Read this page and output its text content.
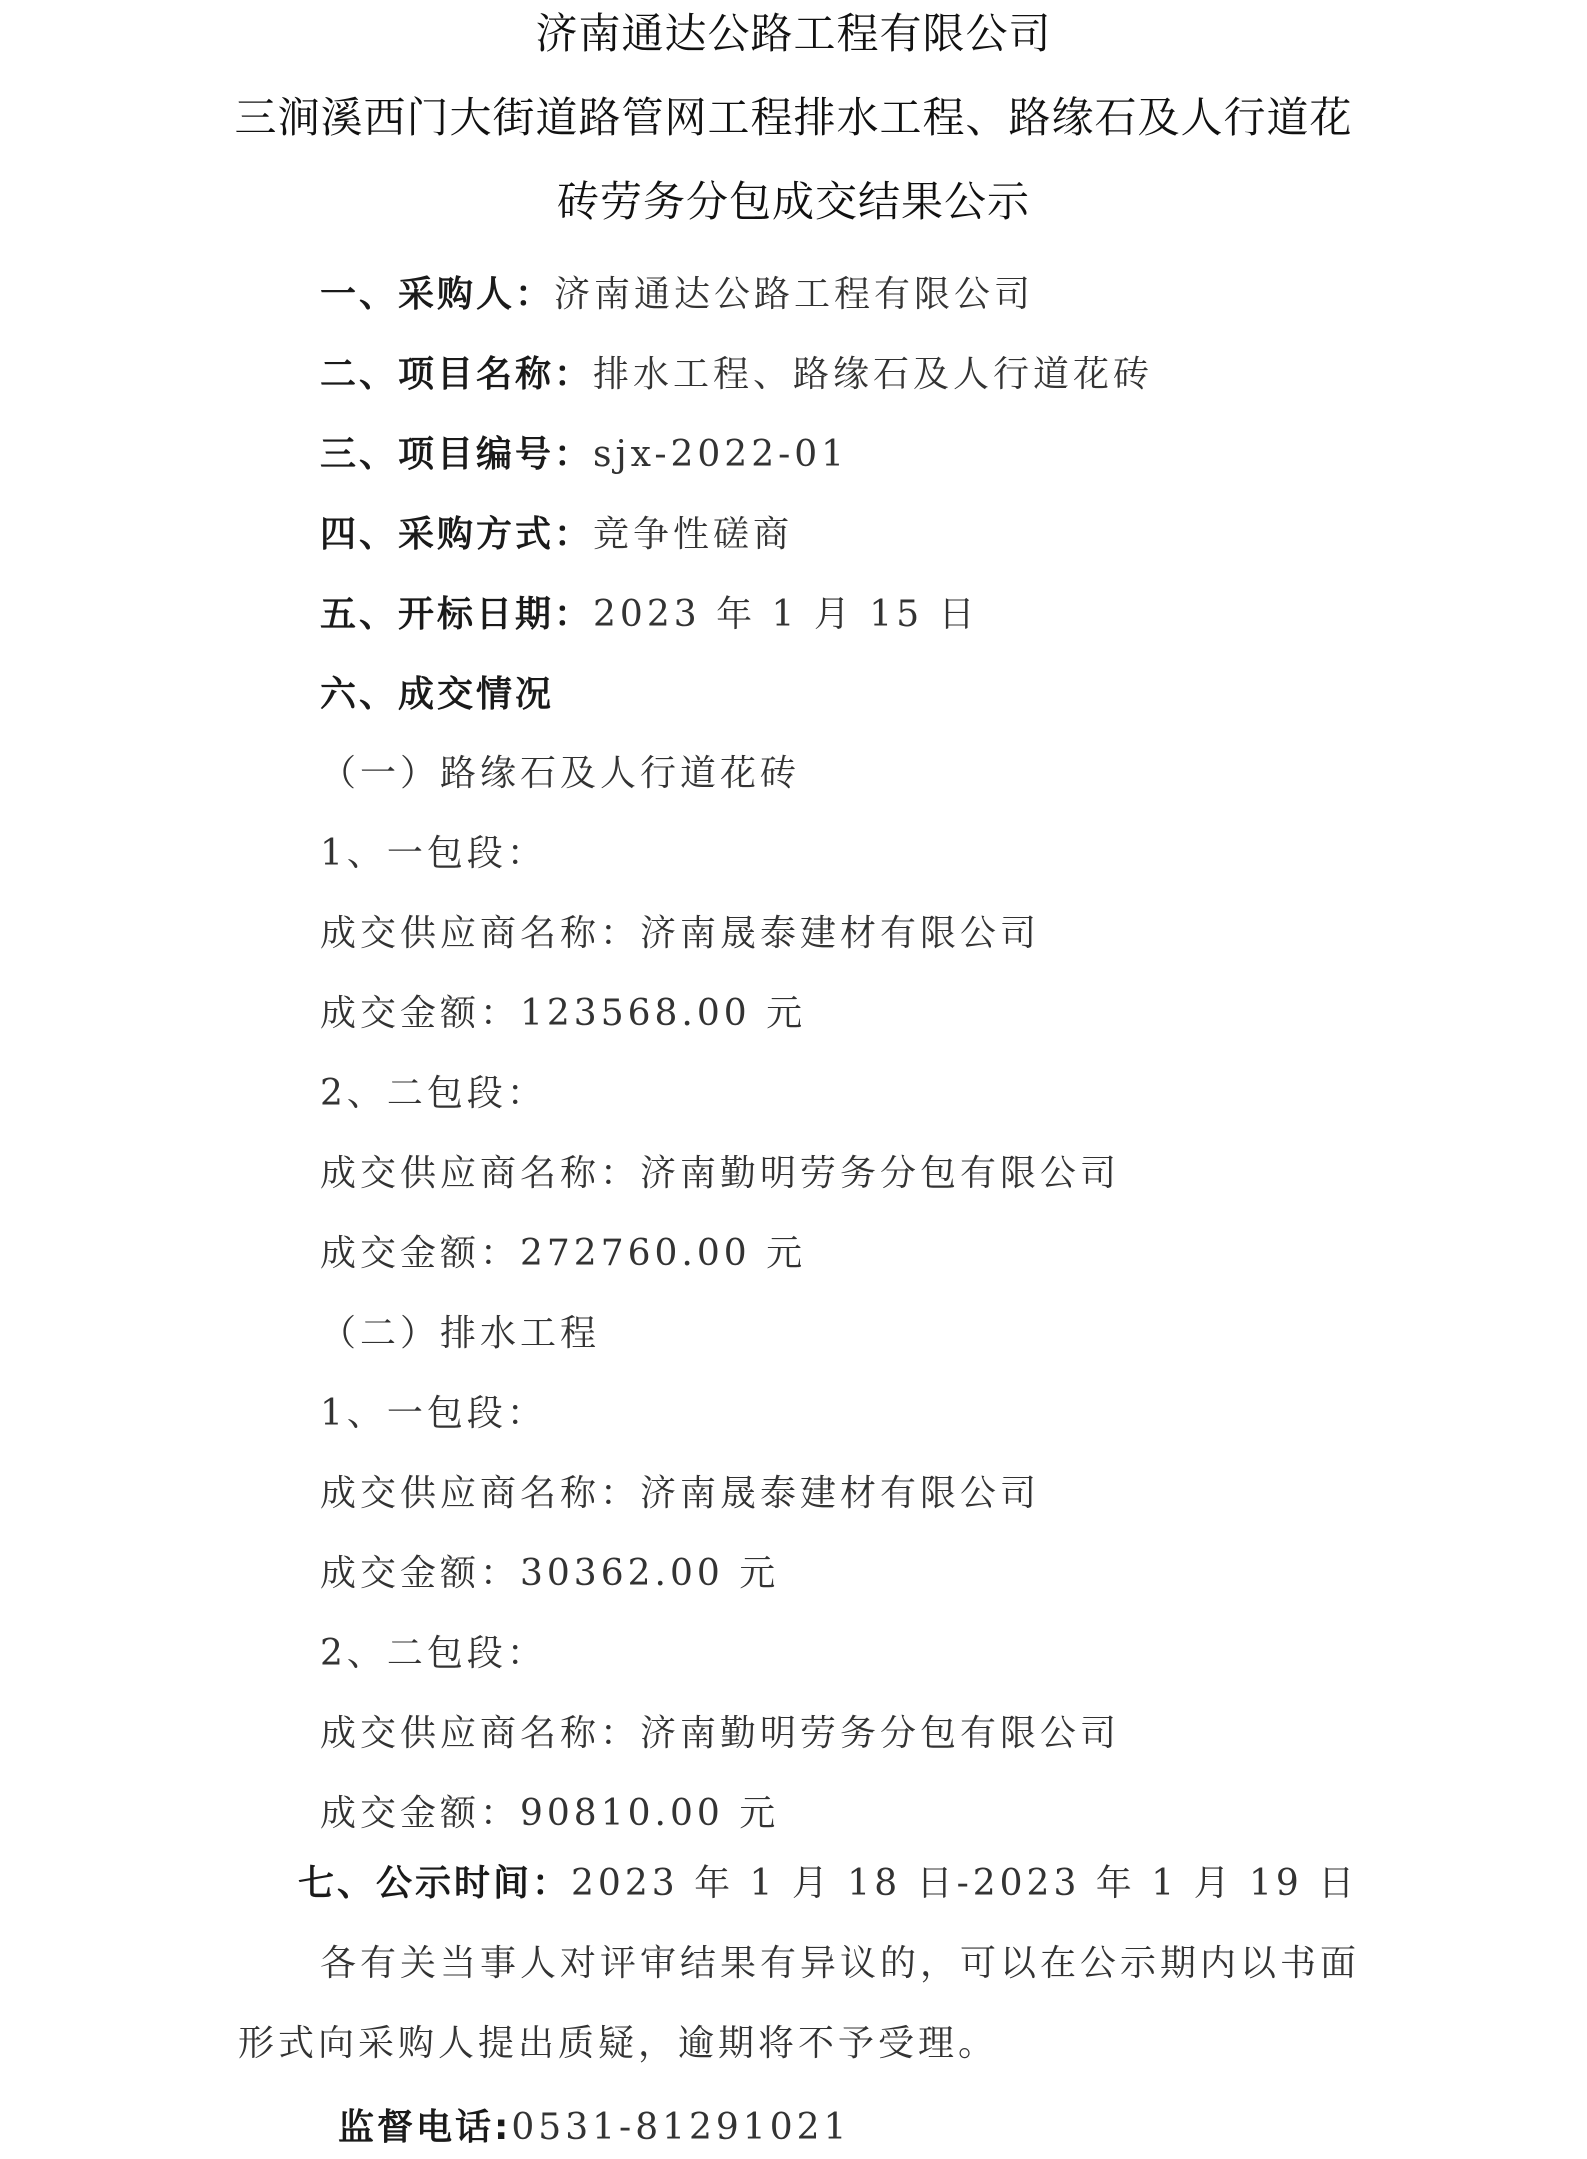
济南通达公路工程有限公司
三涧溪西门大街道路管网工程排水工程、路缘石及人行道花
砖劳务分包成交结果公示
一、采购人：济南通达公路工程有限公司
二、项目名称：排水工程、路缘石及人行道花砖
三、项目编号：sjx-2022-01
四、采购方式：竞争性磋商
五、开标日期：2023 年 1 月 15 日
六、成交情况
（一）路缘石及人行道花砖
1、一包段：
成交供应商名称：济南晟泰建材有限公司
成交金额：123568.00 元
2、二包段：
成交供应商名称：济南勤明劳务分包有限公司
成交金额：272760.00 元
（二）排水工程
1、一包段：
成交供应商名称：济南晟泰建材有限公司
成交金额：30362.00 元
2、二包段：
成交供应商名称：济南勤明劳务分包有限公司
成交金额：90810.00 元
七、公示时间：2023 年 1 月 18 日-2023 年 1 月 19 日
各有关当事人对评审结果有异议的，可以在公示期内以书面
形式向采购人提出质疑，逾期将不予受理。
监督电话:0531-81291021
